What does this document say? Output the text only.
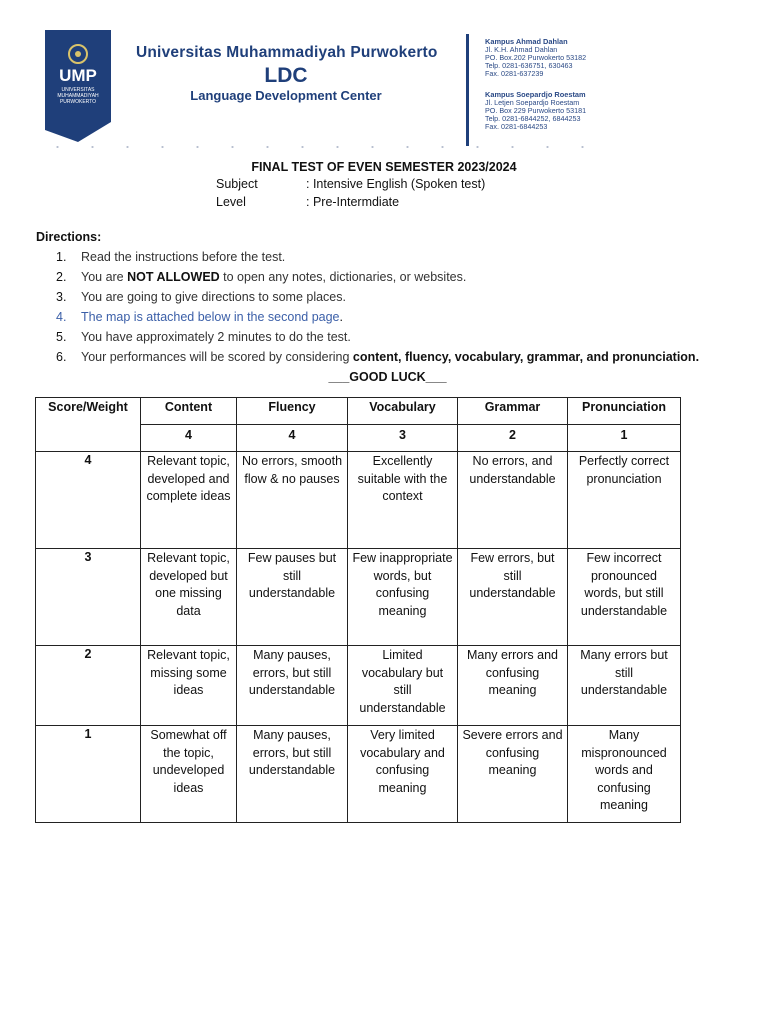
UMP
UNIVERSITAS MUHAMMADIYAH PURWOKERTO
Universitas Muhammadiyah Purwokerto
LDC
Language Development Center
Kampus Ahmad Dahlan
Jl. K.H. Ahmad Dahlan
PO. Box.202 Purwokerto 53182
Telp. 0281-636751, 630463
Fax. 0281-637239
Kampus Soepardjo Roestam
Jl. Letjen Soepardjo Roestam
PO. Box 229 Purwokerto 53181
Telp. 0281-6844252, 6844253
Fax. 0281-6844253
FINAL TEST OF EVEN SEMESTER 2023/2024
Subject	: Intensive English (Spoken test)
Level	: Pre-Intermdiate
Directions:
1.	Read the instructions before the test.
2.	You are NOT ALLOWED to open any notes, dictionaries, or websites.
3.	You are going to give directions to some places.
4.	The map is attached below in the second page.
5.	You have approximately 2 minutes to do the test.
6.	Your performances will be scored by considering content, fluency, vocabulary, grammar, and pronunciation.
___GOOD LUCK___
Score/Weight	Content	Fluency	Vocabulary	Grammar	Pronunciation
	4	4	3	2	1
4	Relevant topic, developed and complete ideas	No errors, smooth flow & no pauses	Excellently suitable with the context	No errors, and understandable	Perfectly correct pronunciation
3	Relevant topic, developed but one missing data	Few pauses but still understandable	Few inappropriate words, but confusing meaning	Few errors, but still understandable	Few incorrect pronounced words, but still understandable
2	Relevant topic, missing some ideas	Many pauses, errors, but still understandable	Limited vocabulary but still understandable	Many errors and confusing meaning	Many errors but still understandable
1	Somewhat off the topic, undeveloped ideas	Many pauses, errors, but still understandable	Very limited vocabulary and confusing meaning	Severe errors and confusing meaning	Many mispronounced words and confusing meaning
